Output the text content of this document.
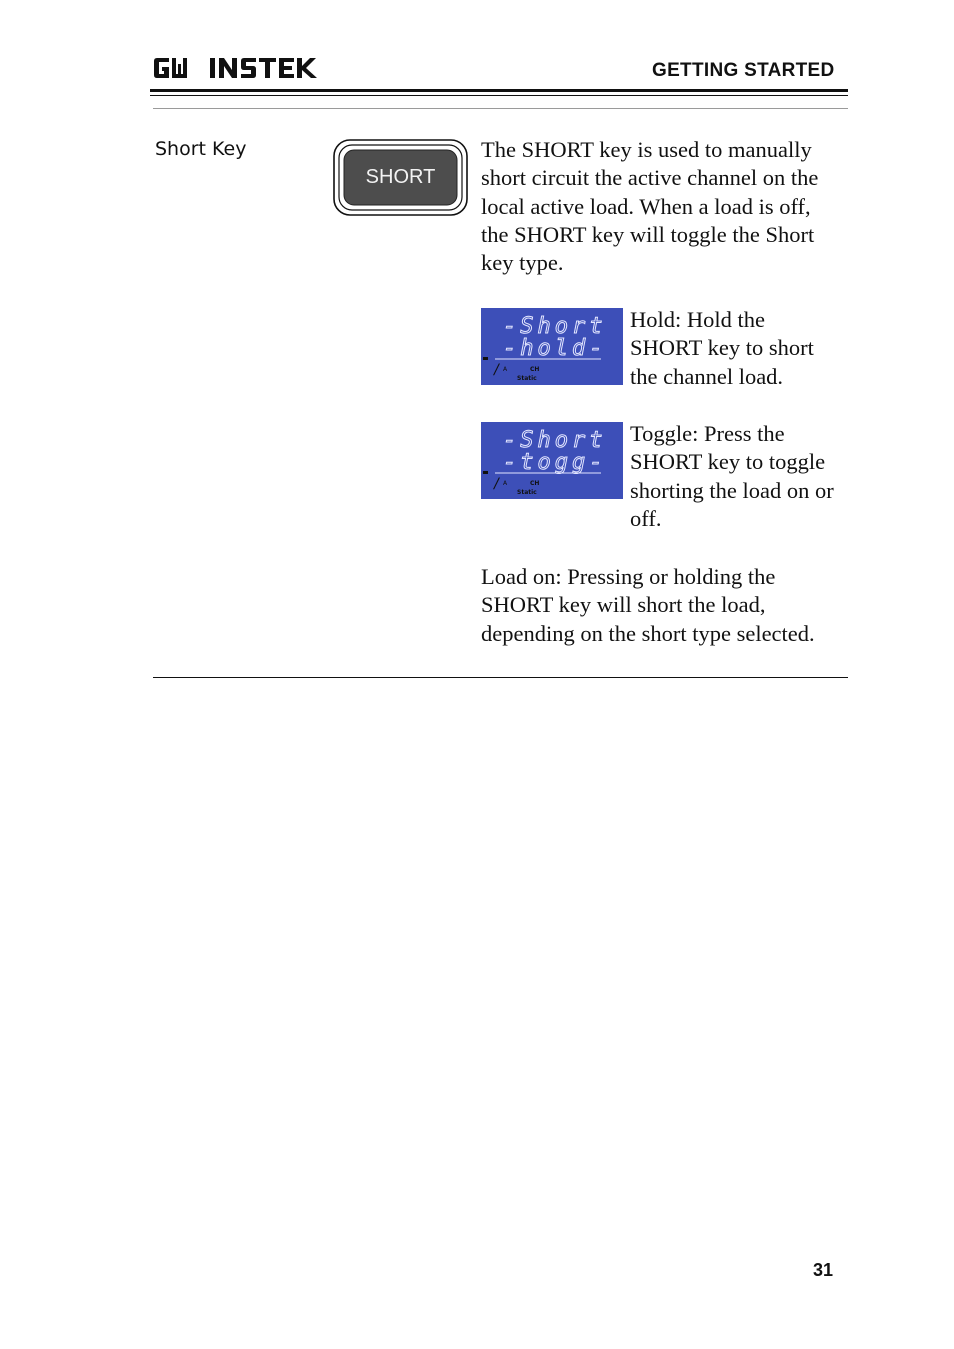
GETTING STARTED
Short Key
SHORT

The SHORT key is used to manually short circuit the active channel on the local active load. When a load is off, the SHORT key will toggle the Short key type.

-Short
-hold-
/ A	CH
Static

Hold: Hold the SHORT key to short the channel load.

-Short
-togg-
/ A	CH
Static

Toggle: Press the SHORT key to toggle shorting the load on or off.

Load on: Pressing or holding the SHORT key will short the load, depending on the short type selected.

31
